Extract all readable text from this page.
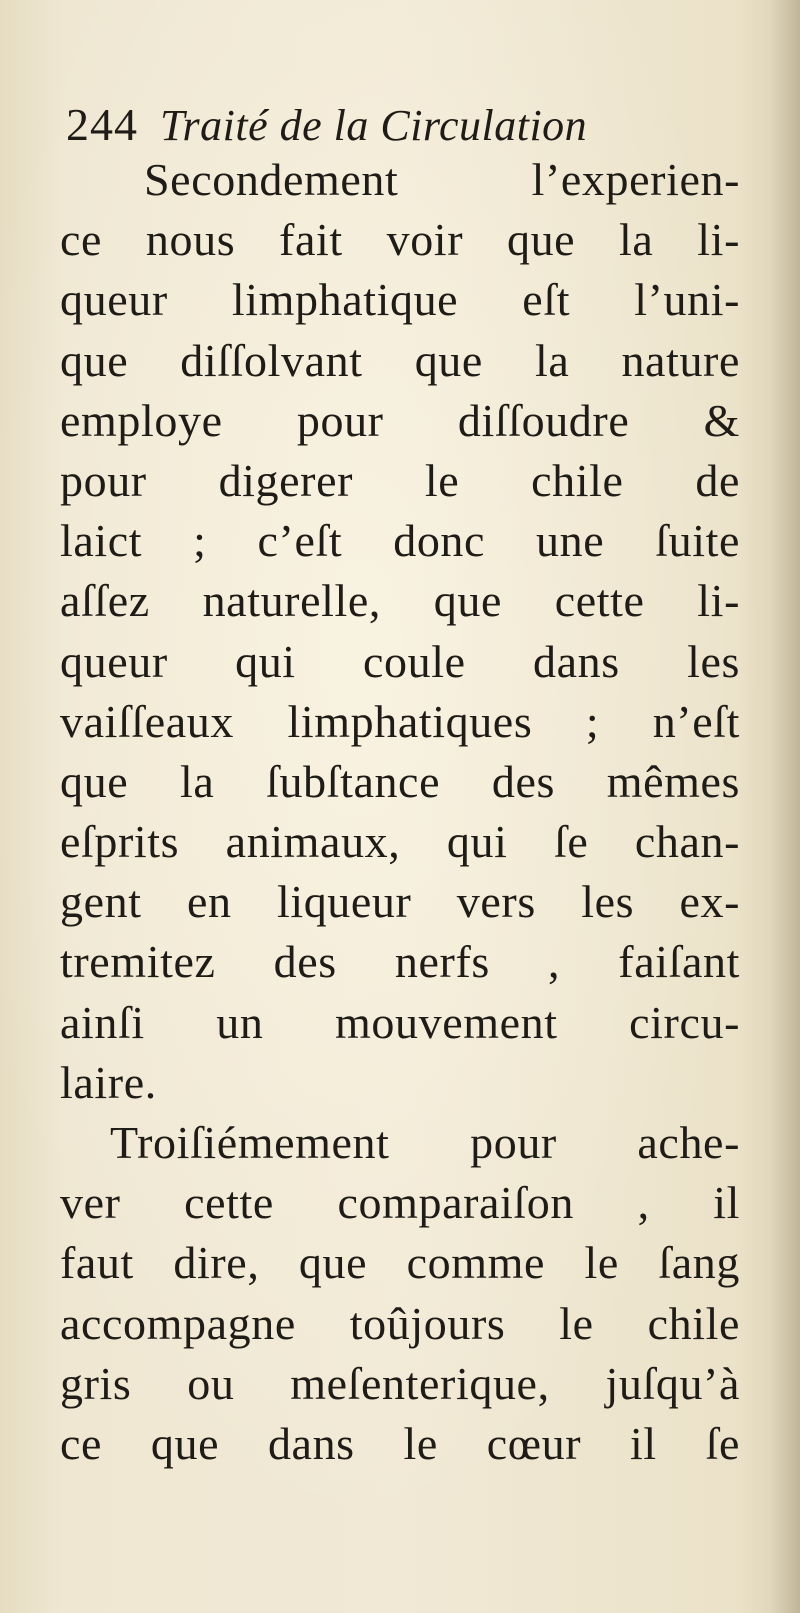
244 Traité de la Circulation
Secondement l’experien-
ce nous fait voir que la li-
queur limphatique eſt l’uni-
que diſſolvant que la nature
employe pour diſſoudre &
pour digerer le chile de
laict ; c’eſt donc une ſuite
aſſez naturelle, que cette li-
queur qui coule dans les
vaiſſeaux limphatiques ; n’eſt
que la ſubſtance des mêmes
eſprits animaux, qui ſe chan-
gent en liqueur vers les ex-
tremitez des nerfs , faiſant
ainſi un mouvement circu-
laire.
Troiſiémement pour ache-
ver cette comparaiſon , il
faut dire, que comme le ſang
accompagne toûjours le chile
gris ou meſenterique, juſqu’à
ce que dans le cœur il ſe
